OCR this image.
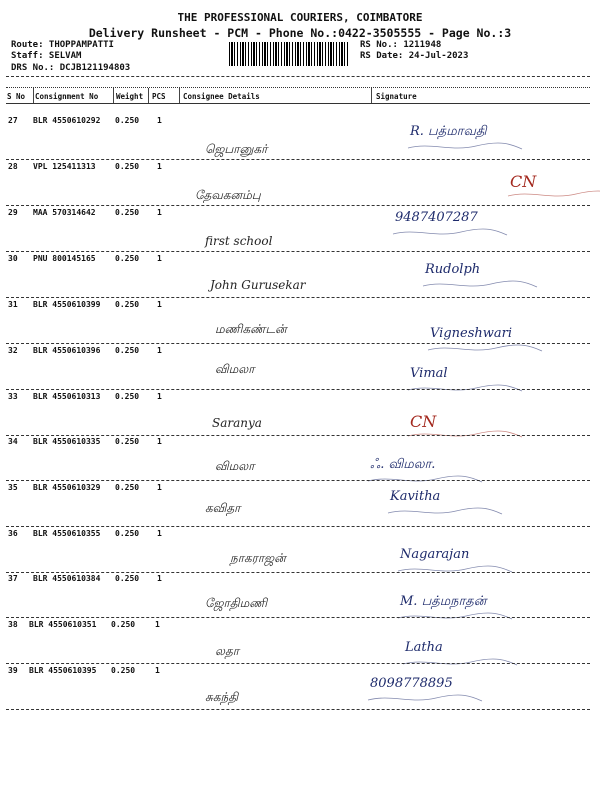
THE PROFESSIONAL COURIERS, COIMBATORE
Delivery Runsheet - PCM - Phone No.:0422-3505555 - Page No.:3
Route: THOPPAMPATTI
Staff: SELVAM
DRS No.: DCJB121194803
RS No.: 1211948
RS Date: 24-Jul-2023
S No Consignment No Weight PCS Consignee Details	Signature
27 BLR 4550610292 0.250 1
ஜெபானுகர்
R. பத்மாவதி
28 VPL 125411313 0.250 1
தேவகனம்பு
CN
29 MAA 570314642 0.250 1
first school
9487407287
30 PNU 800145165 0.250 1
John Gurusekar
Rudolph
31 BLR 4550610399 0.250 1
மணிகண்டன்	Vigneshwari
32 BLR 4550610396 0.250 1
விமலா	Vimal
33 BLR 4550610313 0.250 1
Saranya	CN
34 BLR 4550610335 0.250 1
விமலா	ஃ. விமலா.
35 BLR 4550610329 0.250 1
கவிதா
Kavitha
36 BLR 4550610355 0.250 1
நாகராஜன்	Nagarajan
37 BLR 4550610384 0.250 1
ஜோதிமணி	M. பத்மநாதன்
38 BLR 4550610351 0.250 1
லதா	Latha
39 BLR 4550610395 0.250 1
சுகந்தி
8098778895
